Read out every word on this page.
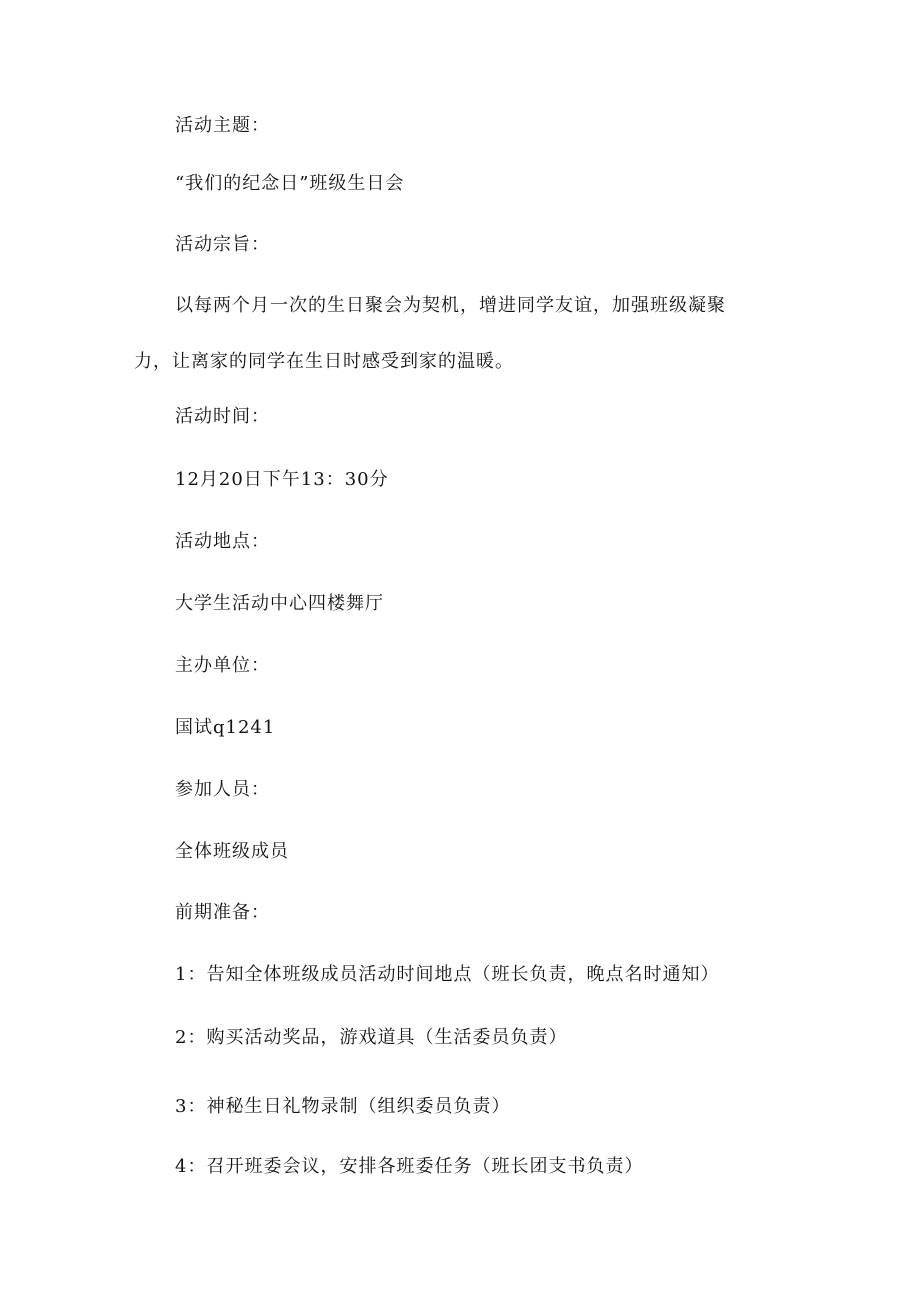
活动主题：
“我们的纪念日”班级生日会
活动宗旨：
以每两个月一次的生日聚会为契机，增进同学友谊，加强班级凝聚
力，让离家的同学在生日时感受到家的温暖。
活动时间：
12月20日下午13：30分
活动地点：
大学生活动中心四楼舞厅
主办单位：
国试q1241
参加人员：
全体班级成员
前期准备：
1：告知全体班级成员活动时间地点（班长负责，晚点名时通知）
2：购买活动奖品，游戏道具（生活委员负责）
3：神秘生日礼物录制（组织委员负责）
4：召开班委会议，安排各班委任务（班长团支书负责）
